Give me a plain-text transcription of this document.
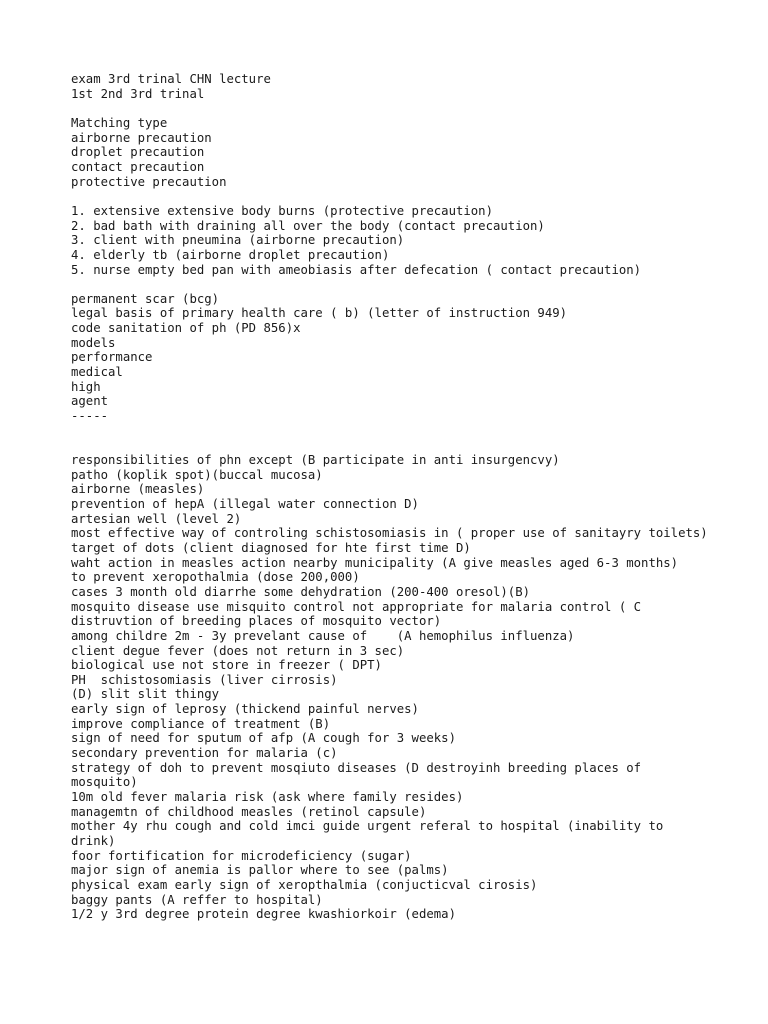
exam 3rd trinal CHN lecture
1st 2nd 3rd trinal
Matching type
airborne precaution
droplet precaution
contact precaution
protective precaution
1. extensive extensive body burns (protective precaution)
2. bad bath with draining all over the body (contact precaution)
3. client with pneumina (airborne precaution)
4. elderly tb (airborne droplet precaution)
5. nurse empty bed pan with ameobiasis after defecation ( contact precaution)
permanent scar (bcg)
legal basis of primary health care ( b) (letter of instruction 949)
code sanitation of ph (PD 856)x
models
performance
medical
high
agent
-----
responsibilities of phn except (B participate in anti insurgencvy)
patho (koplik spot)(buccal mucosa)
airborne (measles)
prevention of hepA (illegal water connection D)
artesian well (level 2)
most effective way of controling schistosomiasis in ( proper use of sanitayry toilets)
target of dots (client diagnosed for hte first time D)
waht action in measles action nearby municipality (A give measles aged 6-3 months)
to prevent xeropothalmia (dose 200,000)
cases 3 month old diarrhe some dehydration (200-400 oresol)(B)
mosquito disease use misquito control not appropriate for malaria control ( C distruvtion of breeding places of mosquito vector)
among childre 2m - 3y prevelant cause of    (A hemophilus influenza)
client degue fever (does not return in 3 sec)
biological use not store in freezer ( DPT)
PH  schistosomiasis (liver cirrosis)
(D) slit slit thingy
early sign of leprosy (thickend painful nerves)
improve compliance of treatment (B)
sign of need for sputum of afp (A cough for 3 weeks)
secondary prevention for malaria (c)
strategy of doh to prevent mosqiuto diseases (D destroyinh breeding places of mosquito)
10m old fever malaria risk (ask where family resides)
managemtn of childhood measles (retinol capsule)
mother 4y rhu cough and cold imci guide urgent referal to hospital (inability to drink)
foor fortification for microdeficiency (sugar)
major sign of anemia is pallor where to see (palms)
physical exam early sign of xeropthalmia (conjucticval cirosis)
baggy pants (A reffer to hospital)
1/2 y 3rd degree protein degree kwashiorkoir (edema)
